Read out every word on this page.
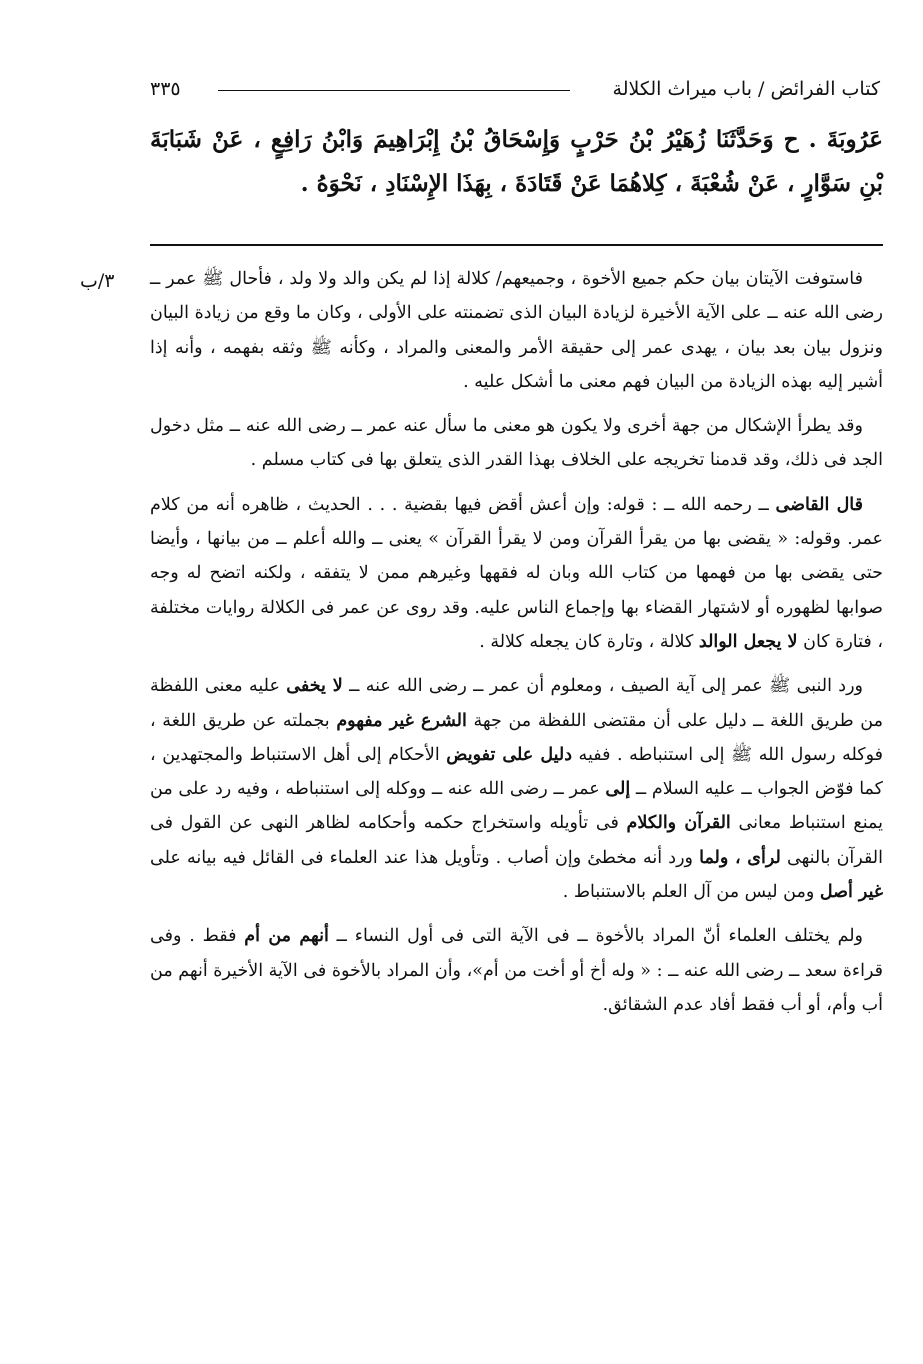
كتاب الفرائض / باب ميراث الكلالة
٣٣٥
عَرُوبَةَ . ح وَحَدَّثَنَا زُهَيْرُ بْنُ حَرْبٍ وَإِسْحَاقُ بْنُ إِبْرَاهِيمَ وَابْنُ رَافِعٍ ، عَنْ شَبَابَةَ بْنِ سَوَّارٍ ، عَنْ شُعْبَةَ ، كِلاهُمَا عَنْ قَتَادَةَ ، بِهَذَا الإِسْنَادِ ، نَحْوَهُ .
٣/ب	فاستوفت الآيتان بيان حكم جميع الأخوة ، وجميعهم/ كلالة إذا لم يكن والد ولا ولد ، فأحال ﷺ عمر ــ رضى الله عنه ــ على الآية الأخيرة لزيادة البيان الذى تضمنته على الأولى ، وكان ما وقع من زيادة البيان ونزول بيان بعد بيان ، يهدى عمر إلى حقيقة الأمر والمعنى والمراد ، وكأنه ﷺ وثقه بفهمه ، وأنه إذا أشير إليه بهذه الزيادة من البيان فهم معنى ما أشكل عليه .

وقد يطرأ الإشكال من جهة أخرى ولا يكون هو معنى ما سأل عنه عمر ــ رضى الله عنه ــ مثل دخول الجد فى ذلك، وقد قدمنا تخريجه على الخلاف بهذا القدر الذى يتعلق بها فى كتاب مسلم .

قال القاضى ــ رحمه الله ــ : قوله: وإن أعش أقض فيها بقضية . . . الحديث ، ظاهره أنه من كلام عمر. وقوله: « يقضى بها من يقرأ القرآن ومن لا يقرأ القرآن » يعنى ــ والله أعلم ــ من بيانها ، وأيضا حتى يقضى بها من فهمها من كتاب الله وبان له فقهها وغيرهم ممن لا يتفقه ، ولكنه اتضح له وجه صوابها لظهوره أو لاشتهار القضاء بها وإجماع الناس عليه. وقد روى عن عمر فى الكلالة روايات مختلفة ، فتارة كان لا يجعل الوالد كلالة ، وتارة كان يجعله كلالة .

ورد النبى ﷺ عمر إلى آية الصيف ، ومعلوم أن عمر ــ رضى الله عنه ــ لا يخفى عليه معنى اللفظة من طريق اللغة ــ دليل على أن مقتضى اللفظة من جهة الشرع غير مفهوم بجملته عن طريق اللغة ، فوكله رسول الله ﷺ إلى استنباطه . ففيه دليل على تفويض الأحكام إلى أهل الاستنباط والمجتهدين ، كما فوّض الجواب ــ عليه السلام ــ إلى عمر ــ رضى الله عنه ــ ووكله إلى استنباطه ، وفيه رد على من يمنع استنباط معانى القرآن والكلام فى تأويله واستخراج حكمه وأحكامه لظاهر النهى عن القول فى القرآن بالنهى لرأى ، ولما ورد أنه مخطئ وإن أصاب . وتأويل هذا عند العلماء فى القائل فيه بيانه على غير أصل ومن ليس من آل العلم بالاستنباط .

ولم يختلف العلماء أنّ المراد بالأخوة ــ فى الآية التى فى أول النساء ــ أنهم من أم فقط . وفى قراءة سعد ــ رضى الله عنه ــ : « وله أخ أو أخت من أم»، وأن المراد بالأخوة فى الآية الأخيرة أنهم من أب وأم، أو أب فقط أفاد عدم الشقائق.
